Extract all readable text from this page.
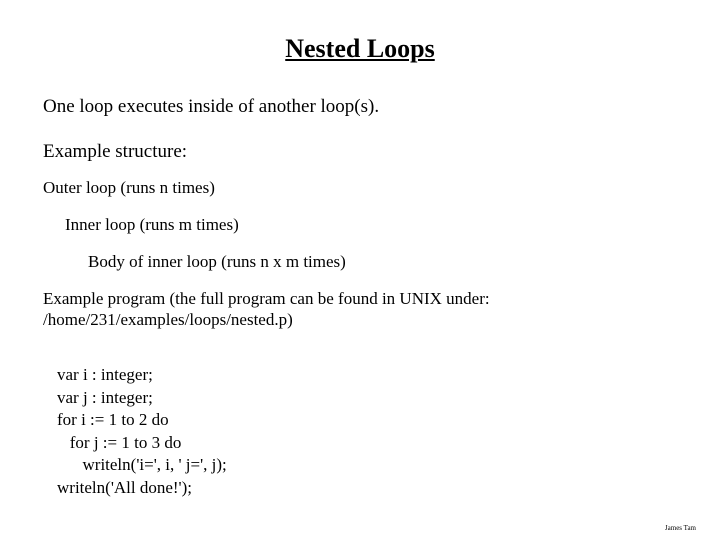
Nested Loops

One loop executes inside of another loop(s).

Example structure:

Outer loop (runs n times)

Inner loop (runs m times)

Body of inner loop (runs n x m times)

Example program (the full program can be found in UNIX under:
/home/231/examples/loops/nested.p)
var i : integer;
var j : integer;
for i := 1 to 2 do
for j := 1 to 3 do
writeln('i=', i, ' j=', j);
writeln('All done!');
James Tam
